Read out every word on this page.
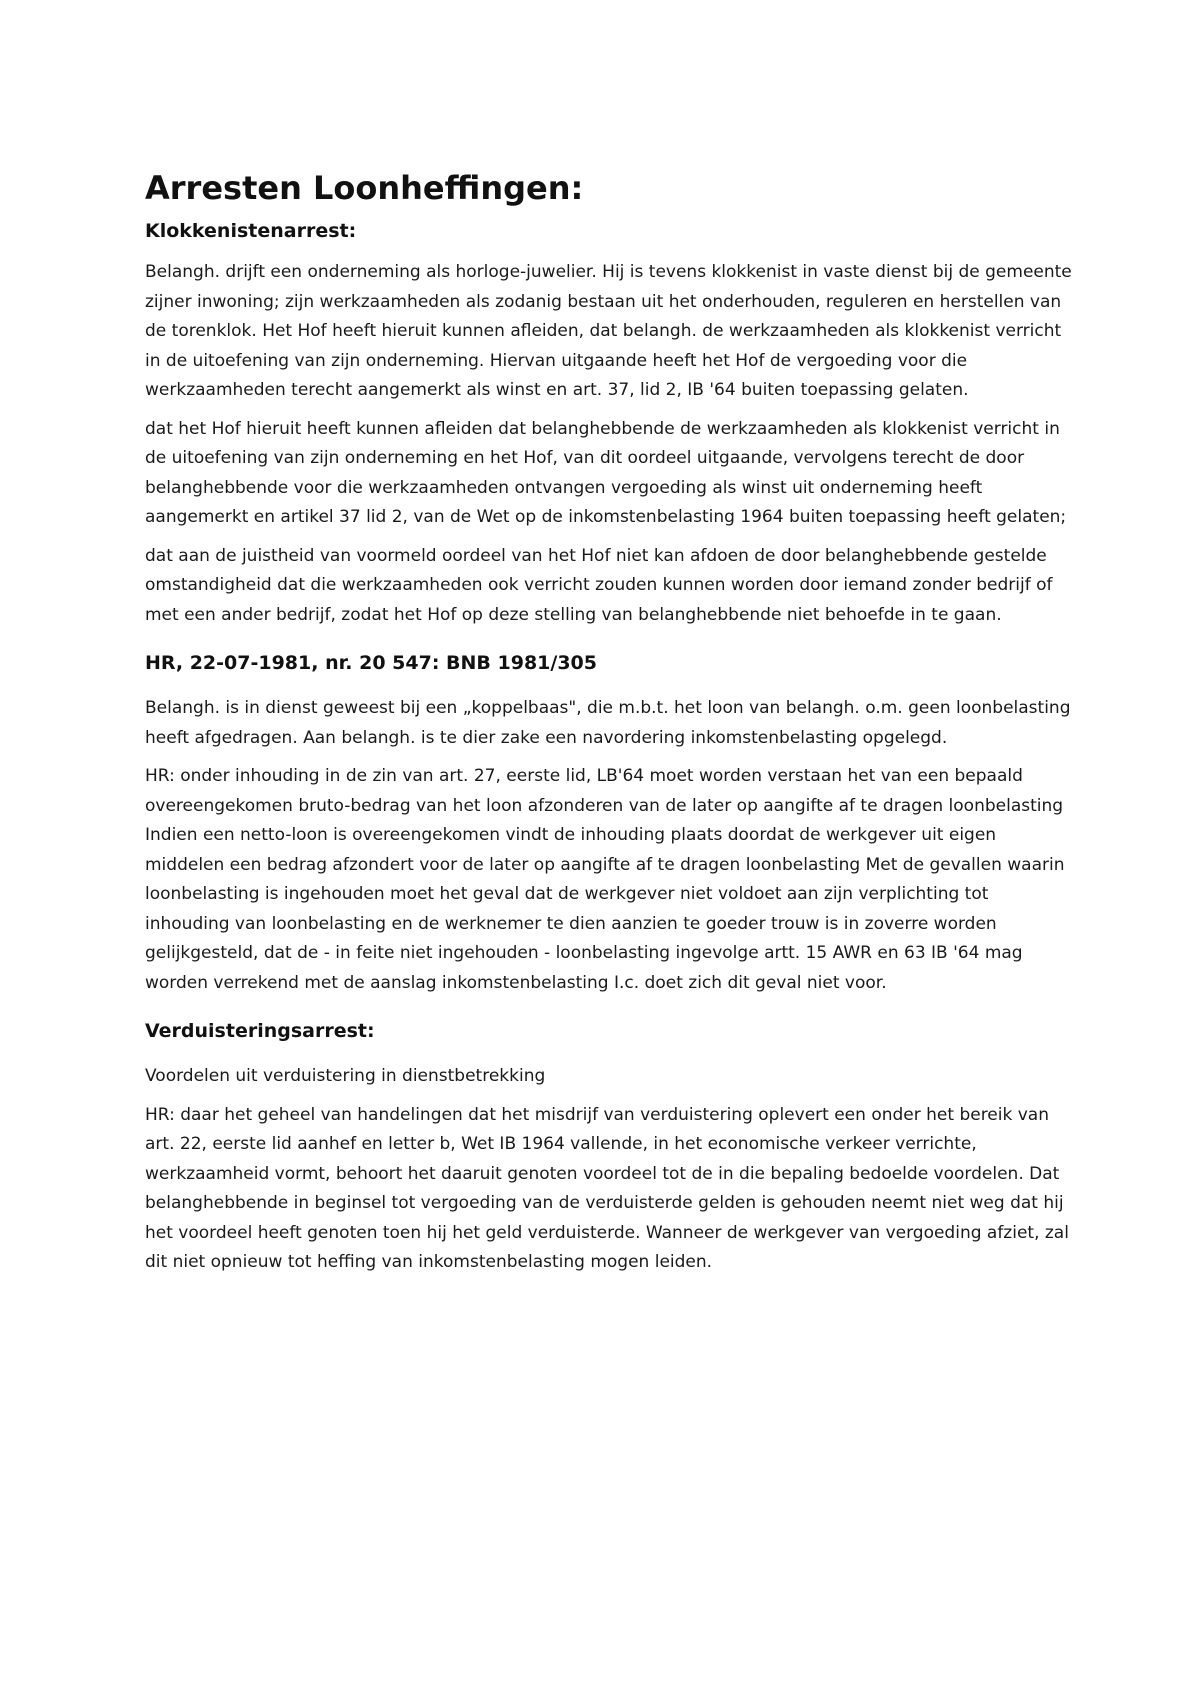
Arresten Loonheffingen:
Klokkenistenarrest:

Belangh. drijft een onderneming als horloge-juwelier. Hij is tevens klokkenist in vaste dienst bij de gemeente zijner inwoning; zijn werkzaamheden als zodanig bestaan uit het onderhouden, reguleren en herstellen van de torenklok. Het Hof heeft hieruit kunnen afleiden, dat belangh. de werkzaamheden als klokkenist verricht in de uitoefening van zijn onderneming. Hiervan uitgaande heeft het Hof de vergoeding voor die werkzaamheden terecht aangemerkt als winst en art. 37, lid 2, IB '64 buiten toepassing gelaten.

dat het Hof hieruit heeft kunnen afleiden dat belanghebbende de werkzaamheden als klokkenist verricht in de uitoefening van zijn onderneming en het Hof, van dit oordeel uitgaande, vervolgens terecht de door belanghebbende voor die werkzaamheden ontvangen vergoeding als winst uit onderneming heeft aangemerkt en artikel 37 lid 2, van de Wet op de inkomstenbelasting 1964 buiten toepassing heeft gelaten;

dat aan de juistheid van voormeld oordeel van het Hof niet kan afdoen de door belanghebbende gestelde omstandigheid dat die werkzaamheden ook verricht zouden kunnen worden door iemand zonder bedrijf of met een ander bedrijf, zodat het Hof op deze stelling van belanghebbende niet behoefde in te gaan.

HR, 22-07-1981, nr. 20 547: BNB 1981/305

Belangh. is in dienst geweest bij een „koppelbaas", die m.b.t. het loon van belangh. o.m. geen loonbelasting heeft afgedragen. Aan belangh. is te dier zake een navordering inkomstenbelasting opgelegd.

HR: onder inhouding in de zin van art. 27, eerste lid, LB'64 moet worden verstaan het van een bepaald overeengekomen bruto-bedrag van het loon afzonderen van de later op aangifte af te dragen loonbelasting Indien een netto-loon is overeengekomen vindt de inhouding plaats doordat de werkgever uit eigen middelen een bedrag afzondert voor de later op aangifte af te dragen loonbelasting Met de gevallen waarin loonbelasting is ingehouden moet het geval dat de werkgever niet voldoet aan zijn verplichting tot inhouding van loonbelasting en de werknemer te dien aanzien te goeder trouw is in zoverre worden gelijkgesteld, dat de - in feite niet ingehouden - loonbelasting ingevolge artt. 15 AWR en 63 IB '64 mag worden verrekend met de aanslag inkomstenbelasting I.c. doet zich dit geval niet voor.

Verduisteringsarrest:

Voordelen uit verduistering in dienstbetrekking

HR: daar het geheel van handelingen dat het misdrijf van verduistering oplevert een onder het bereik van art. 22, eerste lid aanhef en letter b, Wet IB 1964 vallende, in het economische verkeer verrichte, werkzaamheid vormt, behoort het daaruit genoten voordeel tot de in die bepaling bedoelde voordelen. Dat belanghebbende in beginsel tot vergoeding van de verduisterde gelden is gehouden neemt niet weg dat hij het voordeel heeft genoten toen hij het geld verduisterde. Wanneer de werkgever van vergoeding afziet, zal dit niet opnieuw tot heffing van inkomstenbelasting mogen leiden.
